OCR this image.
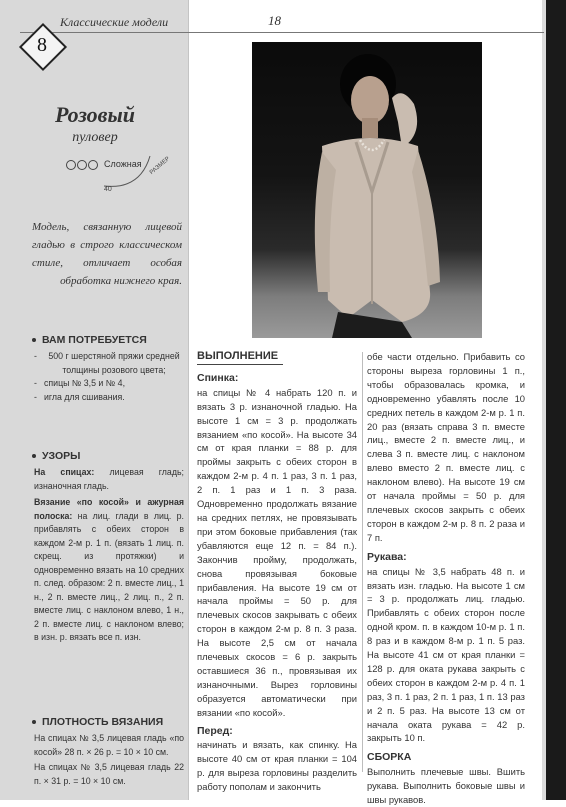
Классические модели	18
8
Розовый
пуловер
Сложная РАЗМЕР
40
Модель, связанную лицевой гладью в строго классическом стиле, отличает особая обработка нижнего края.
ВАМ ПОТРЕБУЕТСЯ
- 500 г шерстяной пряжи средней толщины розового цвета;
- спицы № 3,5 и № 4,
- игла для сшивания.
УЗОРЫ
На спицах: лицевая гладь; изнаночная гладь.
Вязание «по косой» и ажурная полоска: на лиц. глади в лиц. р. прибавлять с обеих сторон в каждом 2-м р. 1 п. (вязать 1 лиц. п. скрещ. из протяжки) и одновременно вязать на 10 средних п. след. образом: 2 п. вместе лиц., 1 н., 2 п. вместе лиц., 2 лиц. п., 2 п. вместе лиц. с наклоном влево, 1 н., 2 п. вместе лиц. с наклоном влево; в изн. р. вязать все п. изн.
ПЛОТНОСТЬ ВЯЗАНИЯ
На спицах № 3,5 лицевая гладь «по косой» 28 п. × 26 р. = 10 × 10 см.
На спицах № 3,5 лицевая гладь 22 п. × 31 р. = 10 × 10 см.
ВЫПОЛНЕНИЕ
Спинка:
на спицы № 4 набрать 120 п. и вязать 3 р. изнаночной гладью. На высоте 1 см = 3 р. продолжать вязанием «по косой». На высоте 34 см от края планки = 88 р. для проймы закрыть с обеих сторон в каждом 2-м р. 4 п. 1 раз, 3 п. 1 раз, 2 п. 1 раз и 1 п. 3 раза. Одновременно продолжать вязание на средних петлях, не провязывать при этом боковые прибавления (так убавляются еще 12 п. = 84 п.). Закончив пройму, продолжать, снова провязывая боковые прибавления. На высоте 19 см от начала проймы = 50 р. для плечевых скосов закрывать с обеих сторон в каждом 2-м р. 8 п. 3 раза. На высоте 2,5 см от начала плечевых скосов = 6 р. закрыть оставшиеся 36 п., провязывая их изнаночными. Вырез горловины образуется автоматически при вязании «по косой».
Перед:
начинать и вязать, как спинку. На высоте 40 см от края планки = 104 р. для выреза горловины разделить работу пополам и закончить
обе части отдельно. Прибавить со стороны выреза горловины 1 п., чтобы образовалась кромка, и одновременно убавлять после 10 средних петель в каждом 2-м р. 1 п. 20 раз (вязать справа 3 п. вместе лиц., вместе 2 п. вместе лиц., и слева 3 п. вместе лиц. с наклоном влево вместо 2 п. вместе лиц. с наклоном влево). На высоте 19 см от начала проймы = 50 р. для плечевых скосов закрыть с обеих сторон в каждом 2-м р. 8 п. 2 раза и 7 п.
Рукава:
на спицы № 3,5 набрать 48 п. и вязать изн. гладью. На высоте 1 см = 3 р. продолжать лиц. гладью. Прибавлять с обеих сторон после одной кром. п. в каждом 10-м р. 1 п. 8 раз и в каждом 8-м р. 1 п. 5 раз. На высоте 41 см от края планки = 128 р. для оката рукава закрыть с обеих сторон в каждом 2-м р. 4 п. 1 раз, 3 п. 1 раз, 2 п. 1 раз, 1 п. 13 раз и 2 п. 5 раз. На высоте 13 см от начала оката рукава = 42 р. закрыть 10 п.
СБОРКА
Выполнить плечевые швы. Вшить рукава. Выполнить боковые швы и швы рукавов.
